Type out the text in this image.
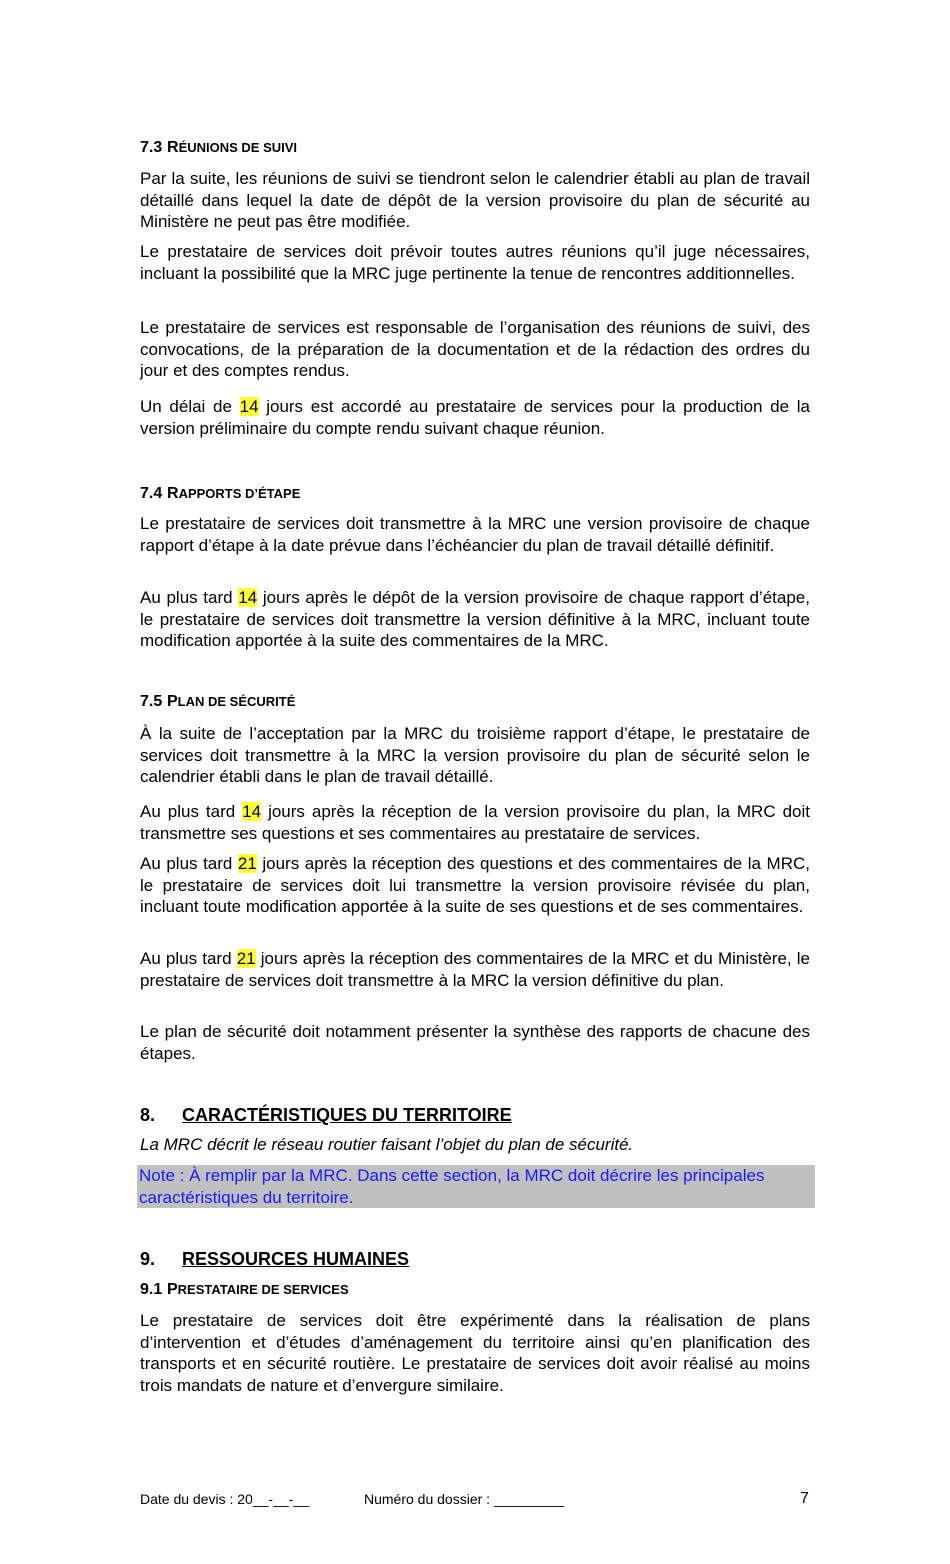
7.3 RÉUNIONS DE SUIVI

Par la suite, les réunions de suivi se tiendront selon le calendrier établi au plan de travail détaillé dans lequel la date de dépôt de la version provisoire du plan de sécurité au Ministère ne peut pas être modifiée.

Le prestataire de services doit prévoir toutes autres réunions qu’il juge nécessaires, incluant la possibilité que la MRC juge pertinente la tenue de rencontres additionnelles.

Le prestataire de services est responsable de l’organisation des réunions de suivi, des convocations, de la préparation de la documentation et de la rédaction des ordres du jour et des comptes rendus.

Un délai de 14 jours est accordé au prestataire de services pour la production de la version préliminaire du compte rendu suivant chaque réunion.

7.4 RAPPORTS D’ÉTAPE

Le prestataire de services doit transmettre à la MRC une version provisoire de chaque rapport d’étape à la date prévue dans l’échéancier du plan de travail détaillé définitif.

Au plus tard 14 jours après le dépôt de la version provisoire de chaque rapport d’étape, le prestataire de services doit transmettre la version définitive à la MRC, incluant toute modification apportée à la suite des commentaires de la MRC.

7.5 PLAN DE SÉCURITÉ

À la suite de l’acceptation par la MRC du troisième rapport d’étape, le prestataire de services doit transmettre à la MRC la version provisoire du plan de sécurité selon le calendrier établi dans le plan de travail détaillé.

Au plus tard 14 jours après la réception de la version provisoire du plan, la MRC doit transmettre ses questions et ses commentaires au prestataire de services.

Au plus tard 21 jours après la réception des questions et des commentaires de la MRC, le prestataire de services doit lui transmettre la version provisoire révisée du plan, incluant toute modification apportée à la suite de ses questions et de ses commentaires.

Au plus tard 21 jours après la réception des commentaires de la MRC et du Ministère, le prestataire de services doit transmettre à la MRC la version définitive du plan.

Le plan de sécurité doit notamment présenter la synthèse des rapports de chacune des étapes.

8. CARACTÉRISTIQUES DU TERRITOIRE

La MRC décrit le réseau routier faisant l’objet du plan de sécurité.

Note : À remplir par la MRC. Dans cette section, la MRC doit décrire les principales caractéristiques du territoire.

9. RESSOURCES HUMAINES
9.1 PRESTATAIRE DE SERVICES

Le prestataire de services doit être expérimenté dans la réalisation de plans d’intervention et d’études d’aménagement du territoire ainsi qu’en planification des transports et en sécurité routière. Le prestataire de services doit avoir réalisé au moins trois mandats de nature et d’envergure similaire.

Date du devis : 20__-__-__	Numéro du dossier : _________	7
